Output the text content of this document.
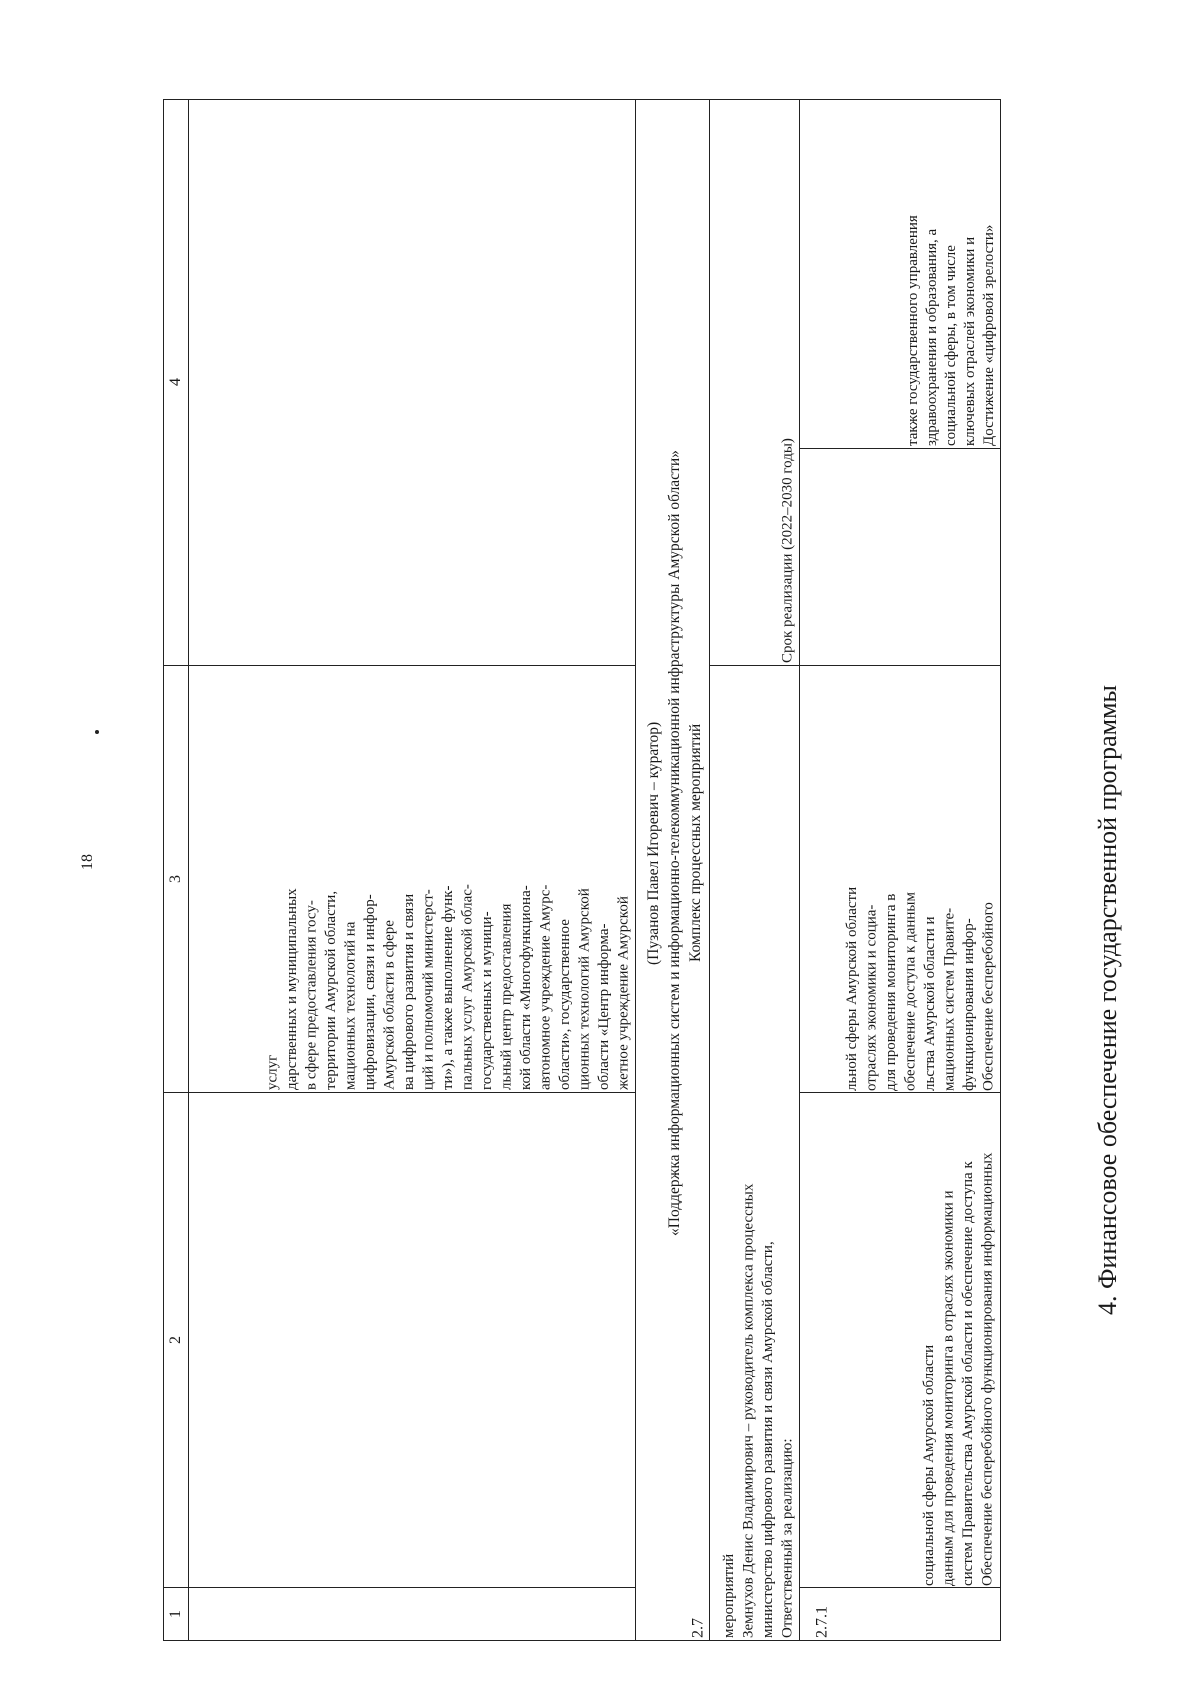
18
1
2
3
4
жетное учреждение Амурской
области «Центр информа-
ционных технологий Амурской
области», государственное
автономное учреждение Амурс-
кой области «Многофункциона-
льный центр предоставления
государственных и муници-
пальных услуг Амурской облас-
ти»), а также выполнение функ-
ций и полномочий министерст-
ва цифрового развития и связи
Амурской области в сфере
цифровизации, связи и инфор-
мационных технологий на
территории Амурской области,
в сфере предоставления госу-
дарственных и муниципальных
услуг
2.7
Комплекс процессных мероприятий
«Поддержка информационных систем и информационно-телекоммуникационной инфраструктуры Амурской области»
(Пузанов Павел Игоревич – куратор)
Ответственный за реализацию:
министерство цифрового развития и связи Амурской области,
Земнухов Денис Владимирович – руководитель комплекса процессных
мероприятий
Срок реализации (2022–2030 годы)
2.7.1
Обеспечение бесперебойного функционирования информационных
систем Правительства Амурской области и обеспечение доступа к
данным для проведения мониторинга в отраслях экономики и
социальной сферы Амурской области
Обеспечение бесперебойного
функционирования инфор-
мационных систем Правите-
льства Амурской области и
обеспечение доступа к данным
для проведения мониторинга в
отраслях экономики и социа-
льной сферы Амурской области
Достижение «цифровой зрелости»
ключевых отраслей экономики и
социальной сферы, в том числе
здравоохранения и образования, а
также государственного управления
4. Финансовое обеспечение государственной программы
